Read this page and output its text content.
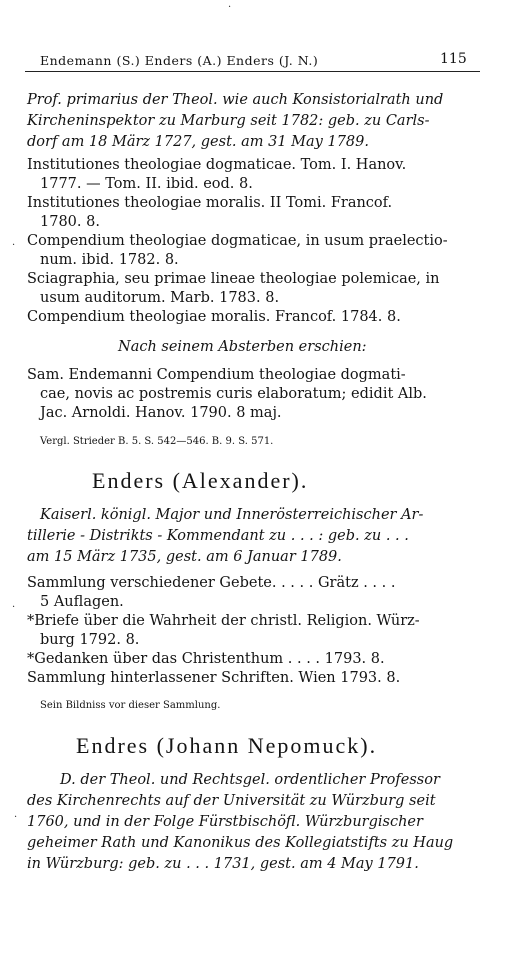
Endemann (S.) Enders (A.) Enders (J. N.)	115
Prof. primarius der Theol. wie auch Konsistorialrath und
Kircheninspektor zu Marburg seit 1782: geb. zu Carls-
dorf am 18 März 1727, gest. am 31 May 1789.
Institutiones theologiae dogmaticae. Tom. I. Hanov.
1777. — Tom. II. ibid. eod. 8.
Institutiones theologiae moralis. II Tomi. Francof.
1780. 8.
Compendium theologiae dogmaticae, in usum praelectio-
num. ibid. 1782. 8.
Sciagraphia, seu primae lineae theologiae polemicae, in
usum auditorum. Marb. 1783. 8.
Compendium theologiae moralis. Francof. 1784. 8.
Nach seinem Absterben erschien:
Sam. Endemanni Compendium theologiae dogmati-
cae, novis ac postremis curis elaboratum; edidit Alb.
Jac. Arnoldi. Hanov. 1790. 8 maj.
Vergl. Strieder B. 5. S. 542—546. B. 9. S. 571.
Enders (Alexander).
Kaiserl. königl. Major und Innerösterreichischer Ar-
tillerie - Distrikts - Kommendant zu . . . : geb. zu . . .
am 15 März 1735, gest. am 6 Januar 1789.
Sammlung verschiedener Gebete. . . . . Grätz . . . .
5 Auflagen.
*Briefe über die Wahrheit der christl. Religion. Würz-
burg 1792. 8.
*Gedanken über das Christenthum . . . . 1793. 8.
Sammlung hinterlassener Schriften. Wien 1793. 8.
Sein Bildniss vor dieser Sammlung.
Endres (Johann Nepomuck).
D. der Theol. und Rechtsgel. ordentlicher Professor
des Kirchenrechts auf der Universität zu Würzburg seit
1760, und in der Folge Fürstbischöfl. Würzburgischer
geheimer Rath und Kanonikus des Kollegiatstifts zu Haug
in Würzburg: geb. zu . . . 1731, gest. am 4 May 1791.
·
·
·
·
